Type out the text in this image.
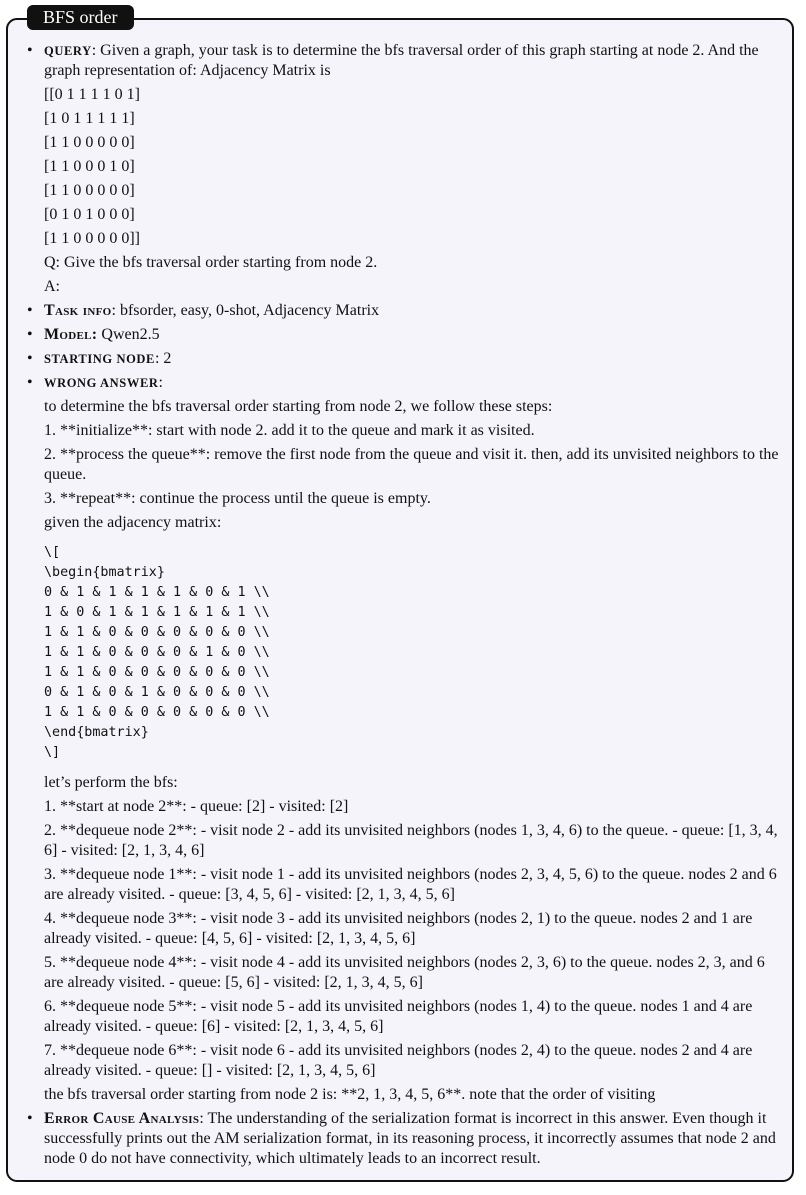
BFS order

• QUERY: Given a graph, your task is to determine the bfs traversal order of this graph starting at node 2. And the graph representation of: Adjacency Matrix is

[[0 1 1 1 1 0 1]

[1 0 1 1 1 1 1]

[1 1 0 0 0 0 0]

[1 1 0 0 0 1 0]

[1 1 0 0 0 0 0]

[0 1 0 1 0 0 0]

[1 1 0 0 0 0 0]]

Q: Give the bfs traversal order starting from node 2.

A:

• Task info: bfsorder, easy, 0-shot, Adjacency Matrix
• Model: Qwen2.5
• STARTING NODE: 2

• WRONG ANSWER:

to determine the bfs traversal order starting from node 2, we follow these steps:

1. **initialize**: start with node 2. add it to the queue and mark it as visited.

2. **process the queue**: remove the first node from the queue and visit it. then, add its unvisited neighbors to the queue.

3. **repeat**: continue the process until the queue is empty.

given the adjacency matrix:

\[

\begin{bmatrix}

0 & 1 & 1 & 1 & 1 & 0 & 1 \\

1 & 0 & 1 & 1 & 1 & 1 & 1 \\

1 & 1 & 0 & 0 & 0 & 0 & 0 \\

1 & 1 & 0 & 0 & 0 & 1 & 0 \\

1 & 1 & 0 & 0 & 0 & 0 & 0 \\

0 & 1 & 0 & 1 & 0 & 0 & 0 \\

1 & 1 & 0 & 0 & 0 & 0 & 0 \\

\end{bmatrix}

\]

let’s perform the bfs:

1. **start at node 2**: - queue: [2] - visited: [2]

2. **dequeue node 2**: - visit node 2 - add its unvisited neighbors (nodes 1, 3, 4, 6) to the queue. - queue: [1, 3, 4, 6] - visited: [2, 1, 3, 4, 6]

3. **dequeue node 1**: - visit node 1 - add its unvisited neighbors (nodes 2, 3, 4, 5, 6) to the queue. nodes 2 and 6 are already visited. - queue: [3, 4, 5, 6] - visited: [2, 1, 3, 4, 5, 6]

4. **dequeue node 3**: - visit node 3 - add its unvisited neighbors (nodes 2, 1) to the queue. nodes 2 and 1 are already visited. - queue: [4, 5, 6] - visited: [2, 1, 3, 4, 5, 6]

5. **dequeue node 4**: - visit node 4 - add its unvisited neighbors (nodes 2, 3, 6) to the queue. nodes 2, 3, and 6 are already visited. - queue: [5, 6] - visited: [2, 1, 3, 4, 5, 6]

6. **dequeue node 5**: - visit node 5 - add its unvisited neighbors (nodes 1, 4) to the queue. nodes 1 and 4 are already visited. - queue: [6] - visited: [2, 1, 3, 4, 5, 6]

7. **dequeue node 6**: - visit node 6 - add its unvisited neighbors (nodes 2, 4) to the queue. nodes 2 and 4 are already visited. - queue: [] - visited: [2, 1, 3, 4, 5, 6]

the bfs traversal order starting from node 2 is: **2, 1, 3, 4, 5, 6**. note that the order of visiting

• Error Cause Analysis: The understanding of the serialization format is incorrect in this answer. Even though it successfully prints out the AM serialization format, in its reasoning process, it incorrectly assumes that node 2 and node 0 do not have connectivity, which ultimately leads to an incorrect result.
